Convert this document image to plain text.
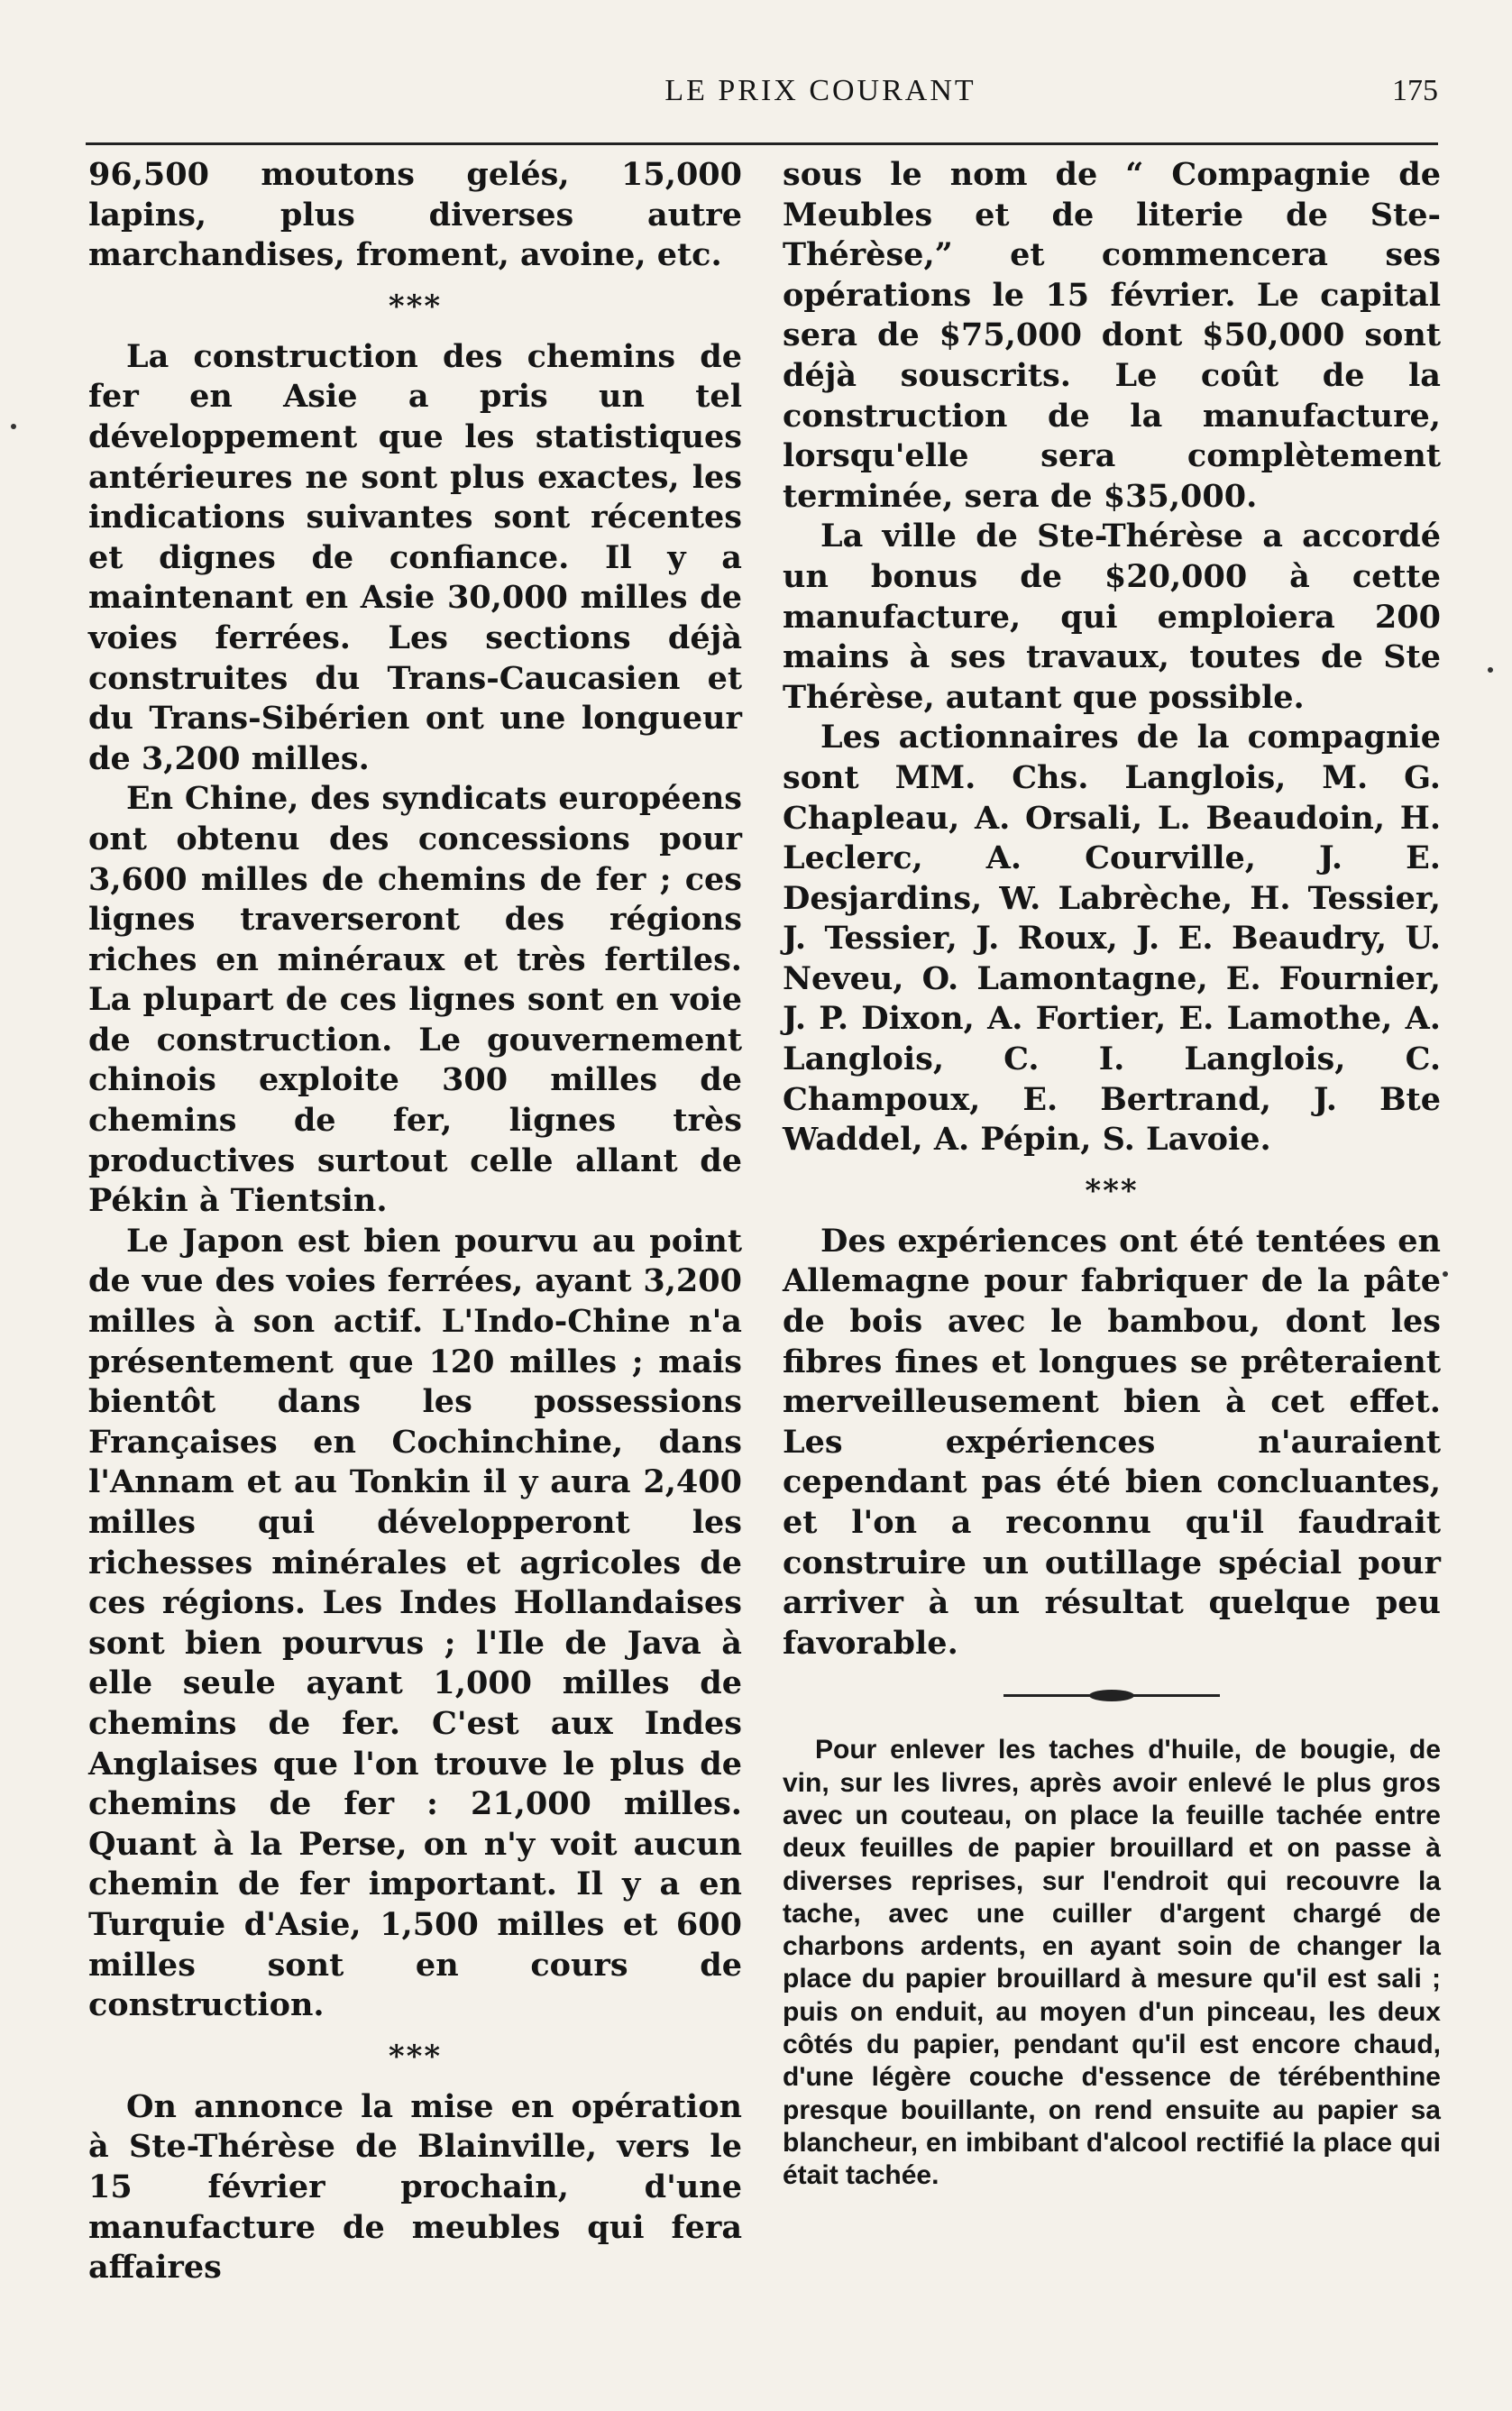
LE PRIX COURANT	175

96,500 moutons gelés, 15,000 lapins, plus diverses autre marchandises, froment, avoine, etc.

***

La construction des chemins de fer en Asie a pris un tel développement que les statistiques antérieures ne sont plus exactes, les indications suivantes sont récentes et dignes de confiance. Il y a maintenant en Asie 30,000 milles de voies ferrées. Les sections déjà construites du Trans-Caucasien et du Trans-Sibérien ont une longueur de 3,200 milles.

En Chine, des syndicats européens ont obtenu des concessions pour 3,600 milles de chemins de fer ; ces lignes traverseront des régions riches en minéraux et très fertiles. La plupart de ces lignes sont en voie de construction. Le gouvernement chinois exploite 300 milles de chemins de fer, lignes très productives surtout celle allant de Pékin à Tientsin.

Le Japon est bien pourvu au point de vue des voies ferrées, ayant 3,200 milles à son actif. L'Indo-Chine n'a présentement que 120 milles ; mais bientôt dans les possessions Françaises en Cochinchine, dans l'Annam et au Tonkin il y aura 2,400 milles qui développeront les richesses minérales et agricoles de ces régions. Les Indes Hollandaises sont bien pourvus ; l'Ile de Java à elle seule ayant 1,000 milles de chemins de fer. C'est aux Indes Anglaises que l'on trouve le plus de chemins de fer : 21,000 milles. Quant à la Perse, on n'y voit aucun chemin de fer important. Il y a en Turquie d'Asie, 1,500 milles et 600 milles sont en cours de construction.

***

On annonce la mise en opération à Ste-Thérèse de Blainville, vers le 15 février prochain, d'une manufacture de meubles qui fera affaires

sous le nom de “ Compagnie de Meubles et de literie de Ste-Thérèse,” et commencera ses opérations le 15 février. Le capital sera de $75,000 dont $50,000 sont déjà souscrits. Le coût de la construction de la manufacture, lorsqu'elle sera complètement terminée, sera de $35,000.

La ville de Ste-Thérèse a accordé un bonus de $20,000 à cette manufacture, qui emploiera 200 mains à ses travaux, toutes de Ste Thérèse, autant que possible.

Les actionnaires de la compagnie sont MM. Chs. Langlois, M. G. Chapleau, A. Orsali, L. Beaudoin, H. Leclerc, A. Courville, J. E. Desjardins, W. Labrèche, H. Tessier, J. Tessier, J. Roux, J. E. Beaudry, U. Neveu, O. Lamontagne, E. Fournier, J. P. Dixon, A. Fortier, E. Lamothe, A. Langlois, C. I. Langlois, C. Champoux, E. Bertrand, J. Bte Waddel, A. Pépin, S. Lavoie.

***

Des expériences ont été tentées en Allemagne pour fabriquer de la pâte de bois avec le bambou, dont les fibres fines et longues se prêteraient merveilleusement bien à cet effet. Les expériences n'auraient cependant pas été bien concluantes, et l'on a reconnu qu'il faudrait construire un outillage spécial pour arriver à un résultat quelque peu favorable.

Pour enlever les taches d'huile, de bougie, de vin, sur les livres, après avoir enlevé le plus gros avec un couteau, on place la feuille tachée entre deux feuilles de papier brouillard et on passe à diverses reprises, sur l'endroit qui recouvre la tache, avec une cuiller d'argent chargé de charbons ardents, en ayant soin de changer la place du papier brouillard à mesure qu'il est sali ; puis on enduit, au moyen d'un pinceau, les deux côtés du papier, pendant qu'il est encore chaud, d'une légère couche d'essence de térébenthine presque bouillante, on rend ensuite au papier sa blancheur, en imbibant d'alcool rectifié la place qui était tachée.
